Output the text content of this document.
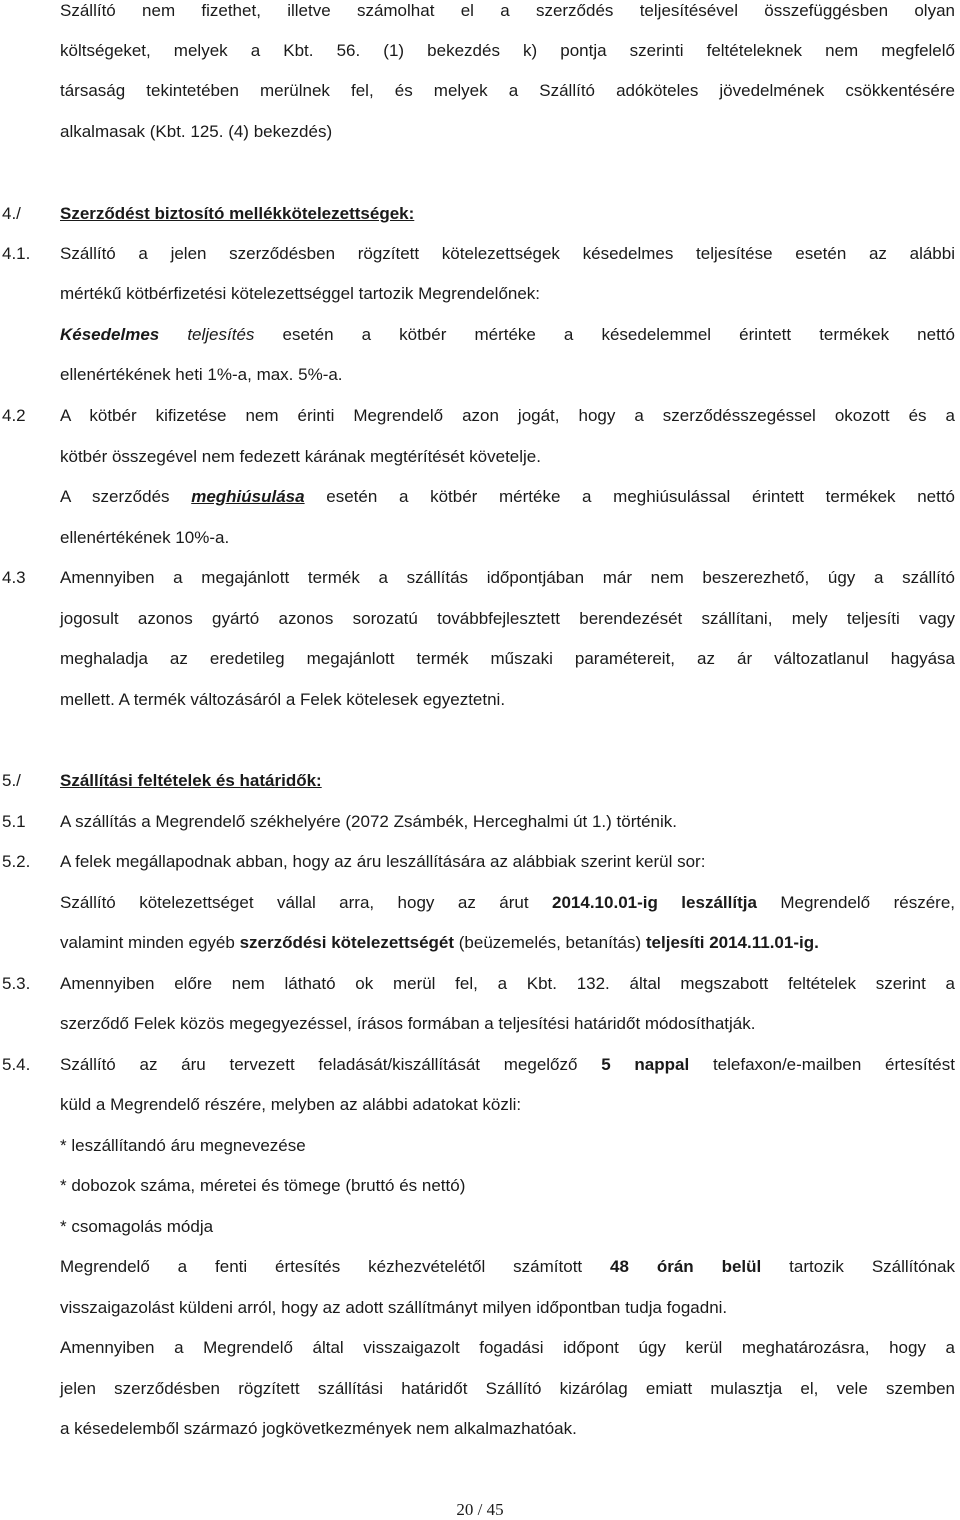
Szállító nem fizethet, illetve számolhat el a szerződés teljesítésével összefüggésben olyan
költségeket, melyek a Kbt. 56. (1) bekezdés k) pontja szerinti feltételeknek nem megfelelő
társaság tekintetében merülnek fel, és melyek a Szállító adóköteles jövedelmének csökkentésére
alkalmasak (Kbt. 125. (4) bekezdés)
4./ Szerződést biztosító mellékkötelezettségek:
4.1. Szállító a jelen szerződésben rögzített kötelezettségek késedelmes teljesítése esetén az alábbi
mértékű kötbérfizetési kötelezettséggel tartozik Megrendelőnek:
Késedelmes teljesítés esetén a kötbér mértéke a késedelemmel érintett termékek nettó
ellenértékének heti 1%-a, max. 5%-a.
4.2 A kötbér kifizetése nem érinti Megrendelő azon jogát, hogy a szerződésszegéssel okozott és a
kötbér összegével nem fedezett kárának megtérítését követelje.
A szerződés meghiúsulása esetén a kötbér mértéke a meghiúsulással érintett termékek nettó
ellenértékének 10%-a.
4.3 Amennyiben a megajánlott termék a szállítás időpontjában már nem beszerezhető, úgy a szállító
jogosult azonos gyártó azonos sorozatú továbbfejlesztett berendezését szállítani, mely teljesíti vagy
meghaladja az eredetileg megajánlott termék műszaki paramétereit, az ár változatlanul hagyása
mellett. A termék változásáról a Felek kötelesek egyeztetni.
5./ Szállítási feltételek és határidők:
5.1 A szállítás a Megrendelő székhelyére (2072 Zsámbék, Herceghalmi út 1.) történik.
5.2. A felek megállapodnak abban, hogy az áru leszállítására az alábbiak szerint kerül sor:
Szállító kötelezettséget vállal arra, hogy az árut 2014.10.01-ig leszállítja Megrendelő részére,
valamint minden egyéb szerződési kötelezettségét (beüzemelés, betanítás) teljesíti 2014.11.01-ig.
5.3. Amennyiben előre nem látható ok merül fel, a Kbt. 132. által megszabott feltételek szerint a
szerződő Felek közös megegyezéssel, írásos formában a teljesítési határidőt módosíthatják.
5.4. Szállító az áru tervezett feladását/kiszállítását megelőző 5 nappal telefaxon/e-mailben értesítést
küld a Megrendelő részére, melyben az alábbi adatokat közli:
* leszállítandó áru megnevezése
* dobozok száma, méretei és tömege (bruttó és nettó)
* csomagolás módja
Megrendelő a fenti értesítés kézhezvételétől számított 48 órán belül tartozik Szállítónak
visszaigazolást küldeni arról, hogy az adott szállítmányt milyen időpontban tudja fogadni.
Amennyiben a Megrendelő által visszaigazolt fogadási időpont úgy kerül meghatározásra, hogy a
jelen szerződésben rögzített szállítási határidőt Szállító kizárólag emiatt mulasztja el, vele szemben
a késedelemből származó jogkövetkezmények nem alkalmazhatóak.
20 / 45
